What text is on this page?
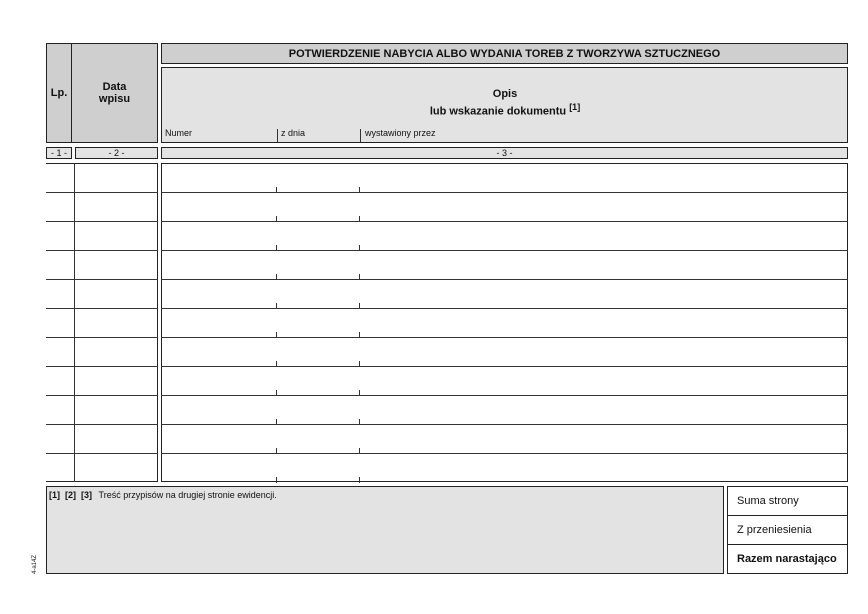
Lp.	Data
wpisu
POTWIERDZENIE NABYCIA ALBO WYDANIA TOREB Z TWORZYWA SZTUCZNEGO
Opis
lub wskazanie dokumentu [1]
Numer	z dnia	wystawiony przez
- 1 -	- 2 -	- 3 -
[1]  [2]  [3] Treść przypisów na drugiej stronie ewidencji.
4-a14Z
Suma strony
Z przeniesienia
Razem narastająco
